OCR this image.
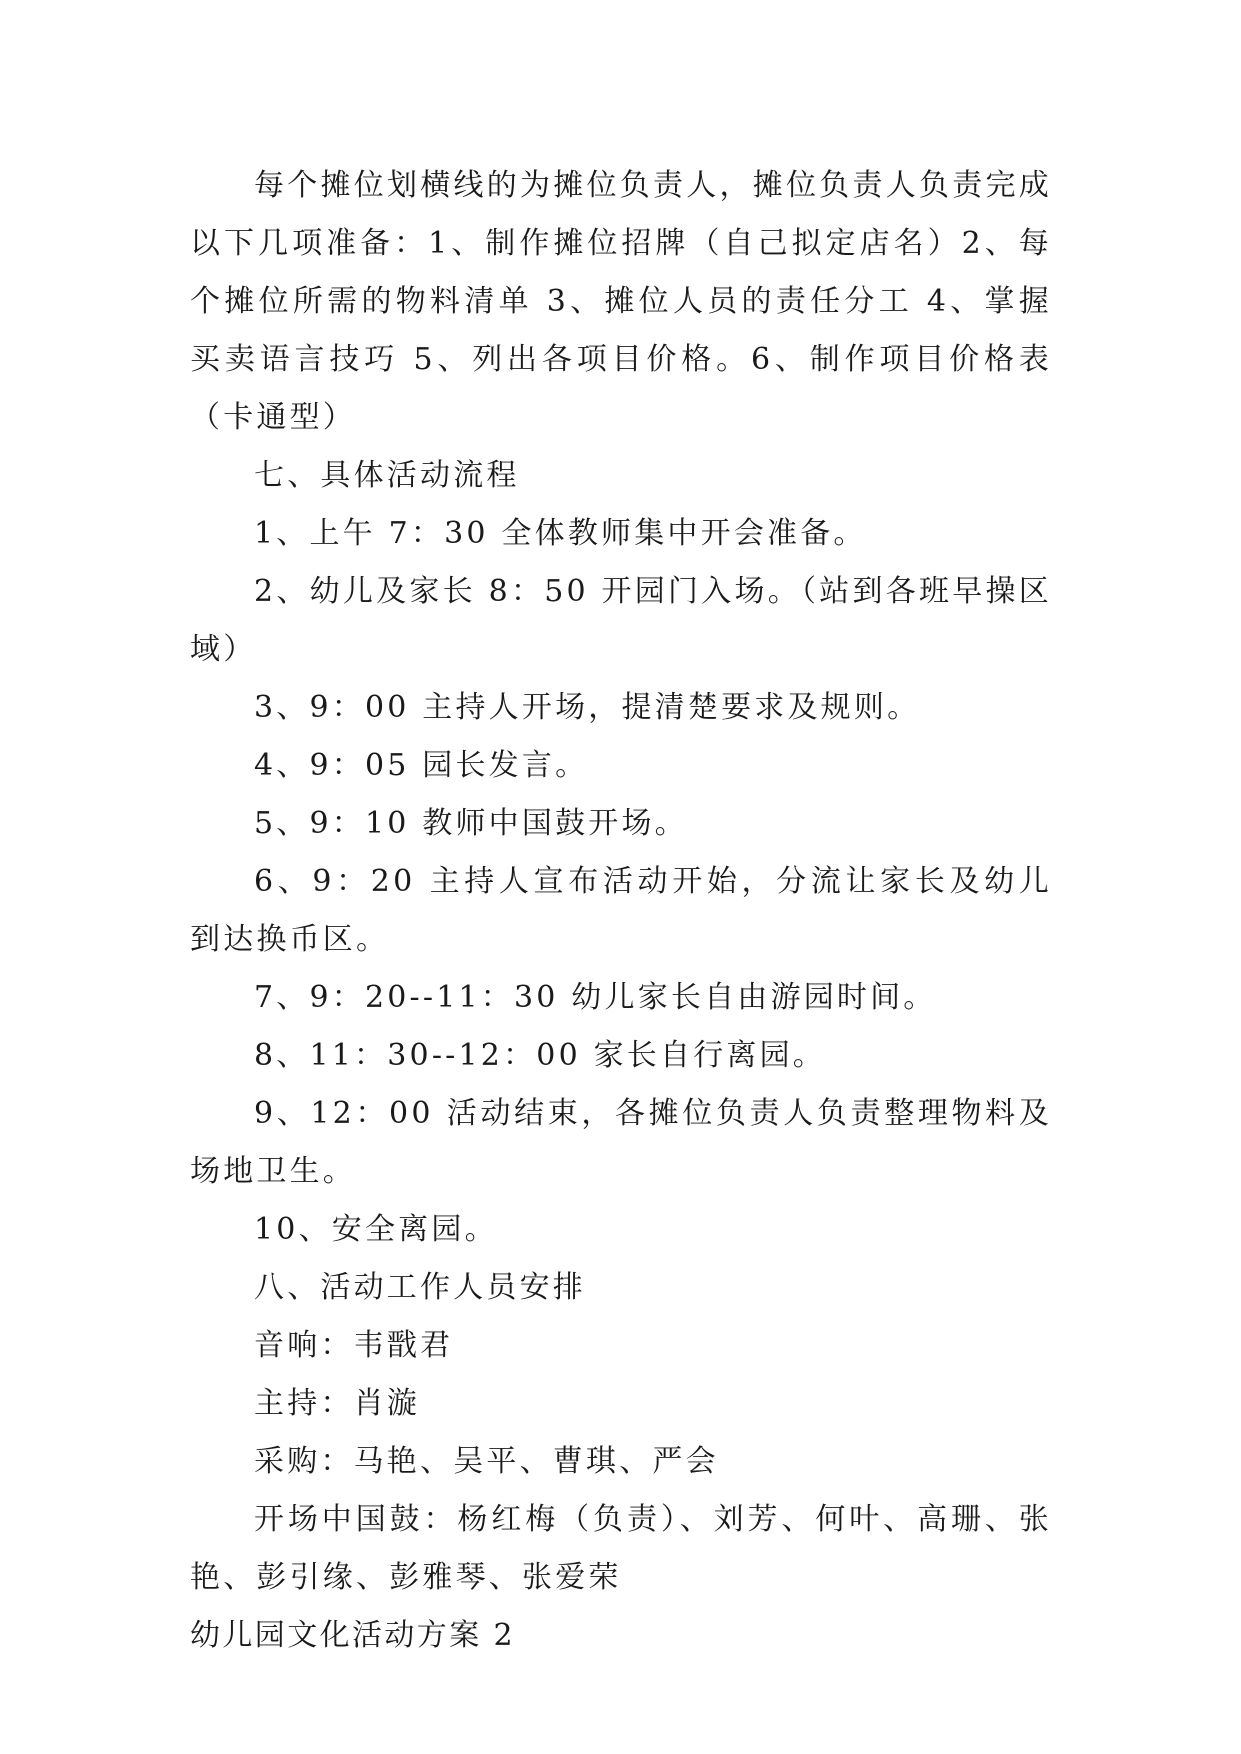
每个摊位划横线的为摊位负责人，摊位负责人负责完成以下几项准备：1、制作摊位招牌（自己拟定店名）2、每个摊位所需的物料清单 3、摊位人员的责任分工 4、掌握买卖语言技巧 5、列出各项目价格。6、制作项目价格表（卡通型）

七、具体活动流程

1、上午 7：30 全体教师集中开会准备。

2、幼儿及家长 8：50 开园门入场。（站到各班早操区域）

3、9：00 主持人开场，提清楚要求及规则。

4、9：05 园长发言。

5、9：10 教师中国鼓开场。

6、9：20 主持人宣布活动开始，分流让家长及幼儿到达换币区。

7、9：20--11：30 幼儿家长自由游园时间。

8、11：30--12：00 家长自行离园。

9、12：00 活动结束，各摊位负责人负责整理物料及场地卫生。

10、安全离园。

八、活动工作人员安排

音响：韦戬君

主持：肖漩

采购：马艳、吴平、曹琪、严会

开场中国鼓：杨红梅（负责）、刘芳、何叶、高珊、张艳、彭引缘、彭雅琴、张爱荣

幼儿园文化活动方案 2
